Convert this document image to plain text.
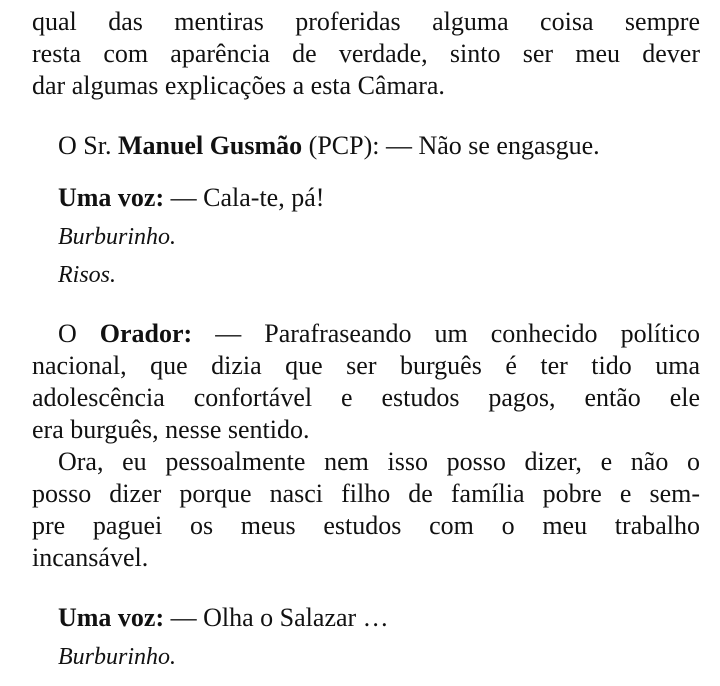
qual das mentiras proferidas alguma coisa sempre
resta com aparência de verdade, sinto ser meu dever
dar algumas explicações a esta Câmara.
O Sr. Manuel Gusmão (PCP): — Não se engasgue.
Uma voz: — Cala-te, pá!
Burburinho.
Risos.
O Orador: — Parafraseando um conhecido político
nacional, que dizia que ser burguês é ter tido uma
adolescência confortável e estudos pagos, então ele
era burguês, nesse sentido.
Ora, eu pessoalmente nem isso posso dizer, e não o
posso dizer porque nasci filho de família pobre e sem-
pre paguei os meus estudos com o meu trabalho
incansável.
Uma voz: — Olha o Salazar …
Burburinho.
